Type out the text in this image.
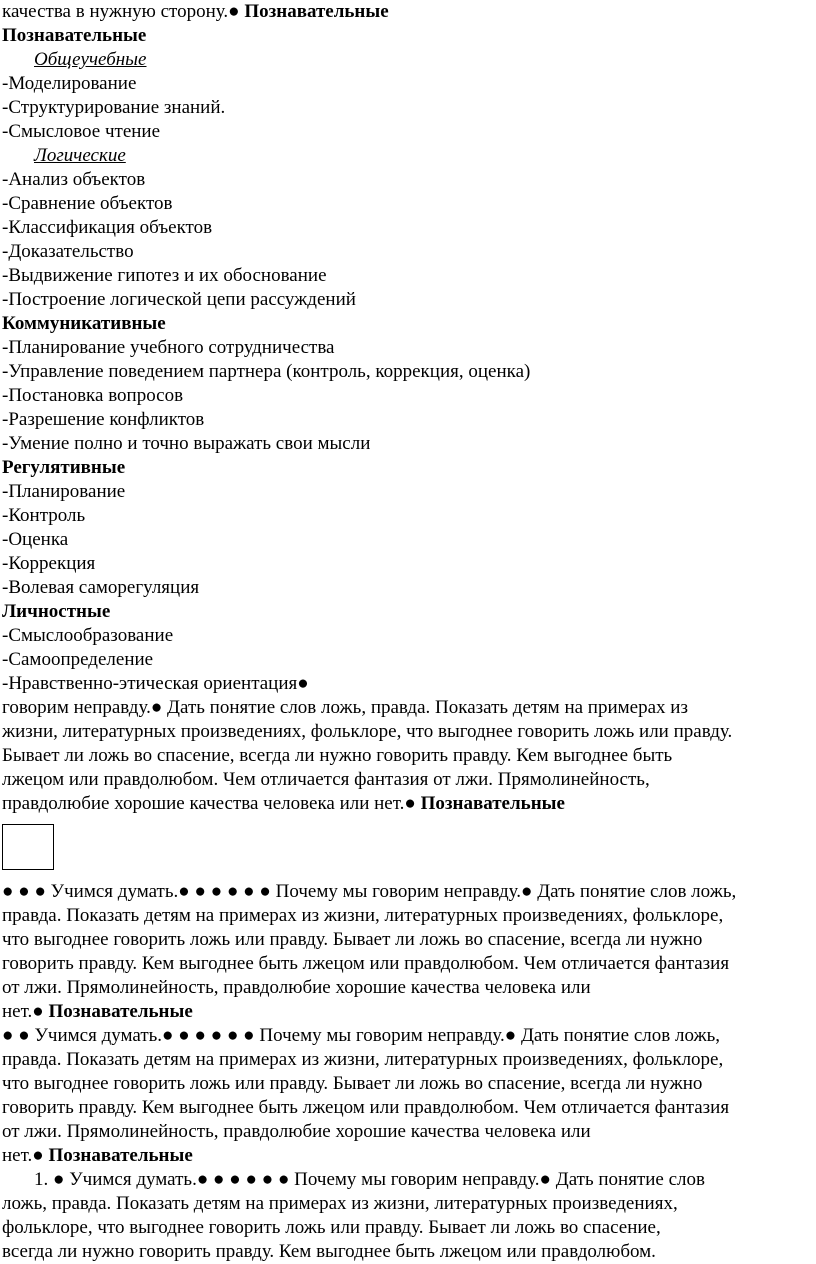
качества в нужную сторону.● Познавательные
Познавательные
Общеучебные
-Моделирование
-Структурирование знаний.
-Смысловое чтение
Логические
-Анализ объектов
-Сравнение объектов
-Классификация объектов
-Доказательство
-Выдвижение гипотез и их обоснование
-Построение логической цепи рассуждений
Коммуникативные
-Планирование учебного сотрудничества
-Управление поведением партнера (контроль, коррекция, оценка)
-Постановка вопросов
-Разрешение конфликтов
-Умение полно и точно выражать свои мысли
Регулятивные
-Планирование
-Контроль
-Оценка
-Коррекция
-Волевая саморегуляция
Личностные
-Смыслообразование
-Самоопределение
-Нравственно-этическая ориентация●
говорим неправду.● Дать понятие слов ложь, правда. Показать детям на примерах из
жизни, литературных произведениях, фольклоре, что выгоднее говорить ложь или правду.
Бывает ли ложь во спасение, всегда ли нужно говорить правду. Кем выгоднее быть
лжецом или правдолюбом. Чем отличается фантазия от лжи. Прямолинейность,
правдолюбие хорошие качества человека или нет.● Познавательные
● ● ● Учимся думать.● ● ● ● ● ● Почему мы говорим неправду.● Дать понятие слов ложь,
правда. Показать детям на примерах из жизни, литературных произведениях, фольклоре,
что выгоднее говорить ложь или правду. Бывает ли ложь во спасение, всегда ли нужно
говорить правду. Кем выгоднее быть лжецом или правдолюбом. Чем отличается фантазия
от лжи. Прямолинейность, правдолюбие хорошие качества человека или
нет.● Познавательные
● ● Учимся думать.● ● ● ● ● ● Почему мы говорим неправду.● Дать понятие слов ложь,
правда. Показать детям на примерах из жизни, литературных произведениях, фольклоре,
что выгоднее говорить ложь или правду. Бывает ли ложь во спасение, всегда ли нужно
говорить правду. Кем выгоднее быть лжецом или правдолюбом. Чем отличается фантазия
от лжи. Прямолинейность, правдолюбие хорошие качества человека или
нет.● Познавательные
1. ● Учимся думать.● ● ● ● ● ● Почему мы говорим неправду.● Дать понятие слов
ложь, правда. Показать детям на примерах из жизни, литературных произведениях,
фольклоре, что выгоднее говорить ложь или правду. Бывает ли ложь во спасение,
всегда ли нужно говорить правду. Кем выгоднее быть лжецом или правдолюбом.
